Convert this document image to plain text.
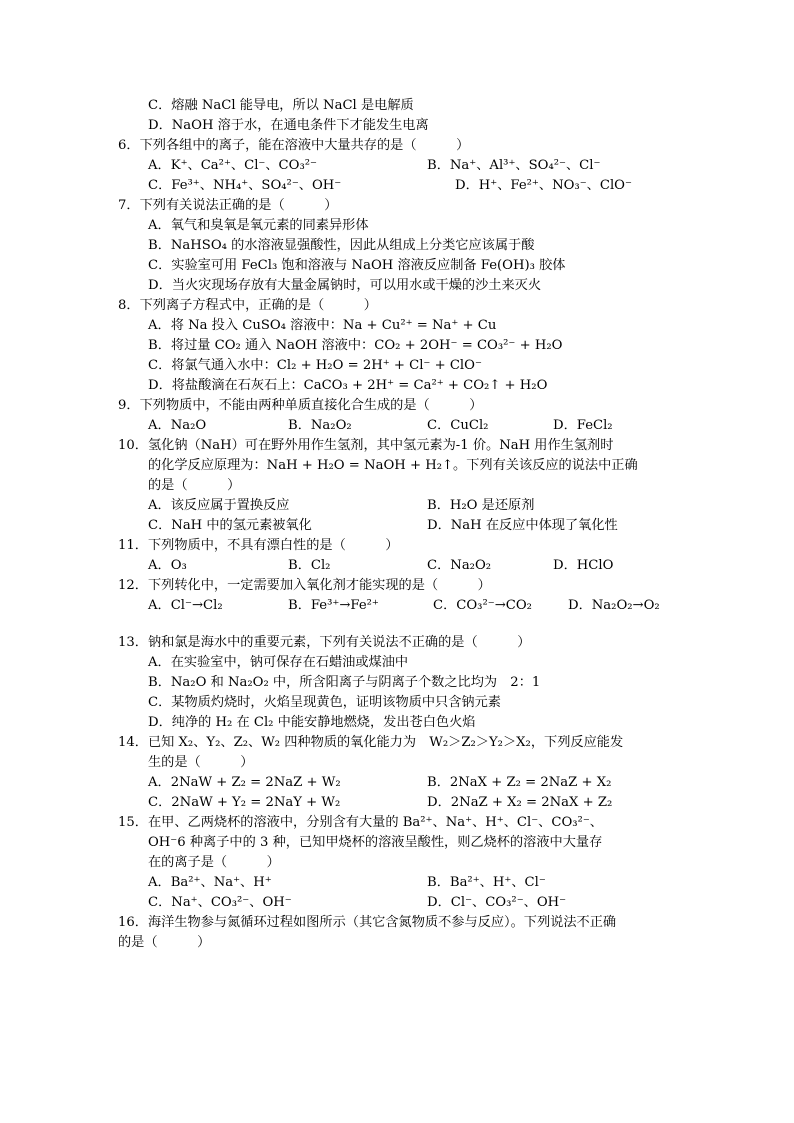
C．熔融 NaCl 能导电，所以 NaCl 是电解质
D．NaOH 溶于水，在通电条件下才能发生电离
6．下列各组中的离子，能在溶液中大量共存的是（　　　）
A．K⁺、Ca²⁺、Cl⁻、CO₃²⁻	B．Na⁺、Al³⁺、SO₄²⁻、Cl⁻
C．Fe³⁺、NH₄⁺、SO₄²⁻、OH⁻	D．H⁺、Fe²⁺、NO₃⁻、ClO⁻
7．下列有关说法正确的是（　　　）
A．氧气和臭氧是氧元素的同素异形体
B．NaHSO₄ 的水溶液显强酸性，因此从组成上分类它应该属于酸
C．实验室可用 FeCl₃ 饱和溶液与 NaOH 溶液反应制备 Fe(OH)₃ 胶体
D．当火灾现场存放有大量金属钠时，可以用水或干燥的沙土来灭火
8．下列离子方程式中，正确的是（　　　）
A．将 Na 投入 CuSO₄ 溶液中：Na + Cu²⁺ = Na⁺ + Cu
B．将过量 CO₂ 通入 NaOH 溶液中：CO₂ + 2OH⁻ = CO₃²⁻ + H₂O
C．将氯气通入水中：Cl₂ + H₂O = 2H⁺ + Cl⁻ + ClO⁻
D．将盐酸滴在石灰石上：CaCO₃ + 2H⁺ = Ca²⁺ + CO₂↑ + H₂O
9．下列物质中，不能由两种单质直接化合生成的是（　　　）
A．Na₂O	B．Na₂O₂	C．CuCl₂	D．FeCl₂
10．氢化钠（NaH）可在野外用作生氢剂，其中氢元素为-1 价。NaH 用作生氢剂时
的化学反应原理为：NaH + H₂O = NaOH + H₂↑。下列有关该反应的说法中正确
的是（　　　）
A．该反应属于置换反应	B．H₂O 是还原剂
C．NaH 中的氢元素被氧化	D．NaH 在反应中体现了氧化性
11．下列物质中，不具有漂白性的是（　　　）
A．O₃	B．Cl₂	C．Na₂O₂	D．HClO
12．下列转化中，一定需要加入氧化剂才能实现的是（　　　）
A．Cl⁻→Cl₂	B．Fe³⁺→Fe²⁺	C．CO₃²⁻→CO₂	D．Na₂O₂→O₂
13．钠和氯是海水中的重要元素，下列有关说法不正确的是（　　　）
A．在实验室中，钠可保存在石蜡油或煤油中
B．Na₂O 和 Na₂O₂ 中，所含阳离子与阴离子个数之比均为　2：1
C．某物质灼烧时，火焰呈现黄色，证明该物质中只含钠元素
D．纯净的 H₂ 在 Cl₂ 中能安静地燃烧，发出苍白色火焰
14．已知 X₂、Y₂、Z₂、W₂ 四种物质的氧化能力为　W₂＞Z₂＞Y₂＞X₂，下列反应能发
生的是（　　　）
A．2NaW + Z₂ = 2NaZ + W₂	B．2NaX + Z₂ = 2NaZ + X₂
C．2NaW + Y₂ = 2NaY + W₂	D．2NaZ + X₂ = 2NaX + Z₂
15．在甲、乙两烧杯的溶液中，分别含有大量的 Ba²⁺、Na⁺、H⁺、Cl⁻、CO₃²⁻、
OH⁻6 种离子中的 3 种，已知甲烧杯的溶液呈酸性，则乙烧杯的溶液中大量存
在的离子是（　　　）
A．Ba²⁺、Na⁺、H⁺	B．Ba²⁺、H⁺、Cl⁻
C．Na⁺、CO₃²⁻、OH⁻	D．Cl⁻、CO₃²⁻、OH⁻
16．海洋生物参与氮循环过程如图所示（其它含氮物质不参与反应）。下列说法不正确
的是（　　　）
